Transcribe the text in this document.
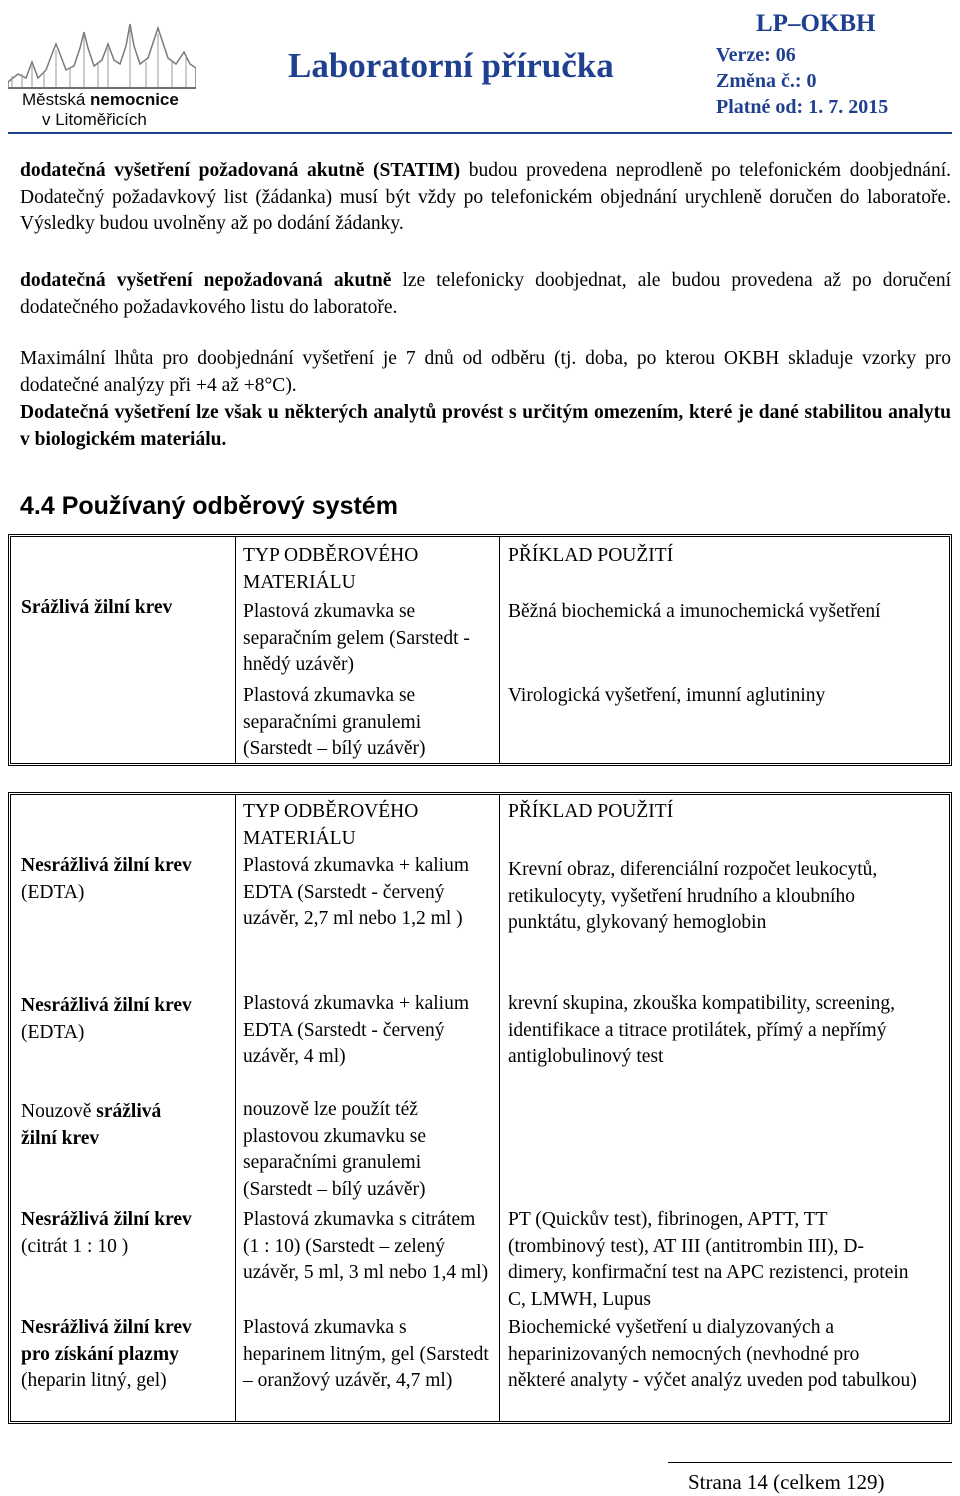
Městská nemocnice
v Litoměřicích
Laboratorní příručka
LP–OKBH
Verze: 06
Změna č.: 0
Platné od: 1. 7. 2015
dodatečná vyšetření požadovaná akutně (STATIM) budou provedena neprodleně po telefonickém doobjednání. Dodatečný požadavkový list (žádanka) musí být vždy po telefonickém objednání urychleně doručen do laboratoře. Výsledky budou uvolněny až po dodání žádanky.
dodatečná vyšetření nepožadovaná akutně lze telefonicky doobjednat, ale budou provedena až po doručení dodatečného požadavkového listu do laboratoře.
Maximální lhůta pro doobjednání vyšetření je 7 dnů od odběru (tj. doba, po kterou OKBH skladuje vzorky pro dodatečné analýzy při +4 až +8°C).
Dodatečná vyšetření lze však u některých analytů provést s určitým omezením, které je dané stabilitou analytu v biologickém materiálu.
4.4 Používaný odběrový systém
Srážlivá žilní krev
TYP ODBĚROVÉHO MATERIÁLU
PŘÍKLAD POUŽITÍ
Plastová zkumavka se separačním gelem (Sarstedt - hnědý uzávěr)
Běžná biochemická a imunochemická vyšetření
Plastová zkumavka se separačními granulemi (Sarstedt – bílý uzávěr)
Virologická vyšetření, imunní aglutininy
TYP ODBĚROVÉHO MATERIÁLU
PŘÍKLAD POUŽITÍ
Nesrážlivá žilní krev
(EDTA)
Nesrážlivá žilní krev
(EDTA)
Nouzově srážlivá
žilní krev
Nesrážlivá žilní krev
(citrát 1 : 10 )
Nesrážlivá žilní krev
pro získání plazmy
(heparin litný, gel)
Plastová zkumavka + kalium EDTA (Sarstedt - červený uzávěr, 2,7 ml nebo 1,2 ml )
Plastová zkumavka + kalium EDTA (Sarstedt - červený uzávěr, 4 ml)
nouzově lze použít též plastovou zkumavku se separačními granulemi (Sarstedt – bílý uzávěr)
Plastová zkumavka s citrátem (1 : 10) (Sarstedt – zelený uzávěr, 5 ml, 3 ml nebo 1,4 ml)
Plastová zkumavka s heparinem litným, gel (Sarstedt – oranžový uzávěr, 4,7 ml)
Krevní obraz, diferenciální rozpočet leukocytů, retikulocyty, vyšetření hrudního a kloubního punktátu, glykovaný hemoglobin
krevní skupina, zkouška kompatibility, screening, identifikace a titrace protilátek, přímý a nepřímý antiglobulinový test
PT (Quickův test), fibrinogen, APTT, TT (trombinový test), AT III (antitrombin III), D-dimery, konfirmační test na APC rezistenci, protein C, LMWH, Lupus
Biochemické vyšetření u dialyzovaných a heparinizovaných nemocných (nevhodné pro některé analyty - výčet analýz uveden pod tabulkou)
Strana 14 (celkem 129)
